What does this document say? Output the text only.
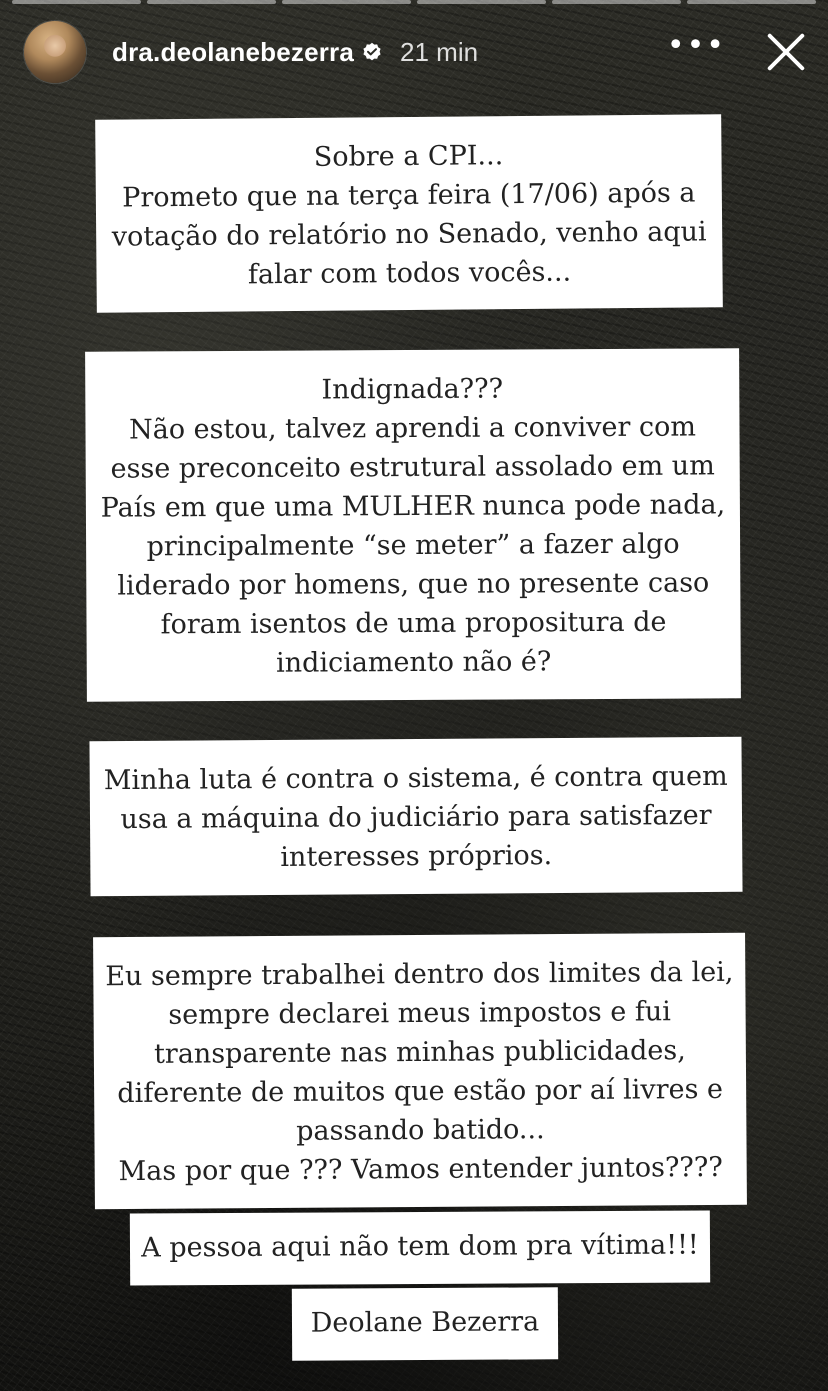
dra.deolanebezerra 21 min	•••
Sobre a CPI...
Prometo que na terça feira (17/06) após a votação do relatório no Senado, venho aqui falar com todos vocês...
Indignada???
Não estou, talvez aprendi a conviver com esse preconceito estrutural assolado em um País em que uma MULHER nunca pode nada, principalmente “se meter” a fazer algo liderado por homens, que no presente caso foram isentos de uma propositura de indiciamento não é?
Minha luta é contra o sistema, é contra quem usa a máquina do judiciário para satisfazer interesses próprios.
Eu sempre trabalhei dentro dos limites da lei, sempre declarei meus impostos e fui transparente nas minhas publicidades, diferente de muitos que estão por aí livres e passando batido...
Mas por que ??? Vamos entender juntos????
A pessoa aqui não tem dom pra vítima!!!
Deolane Bezerra
